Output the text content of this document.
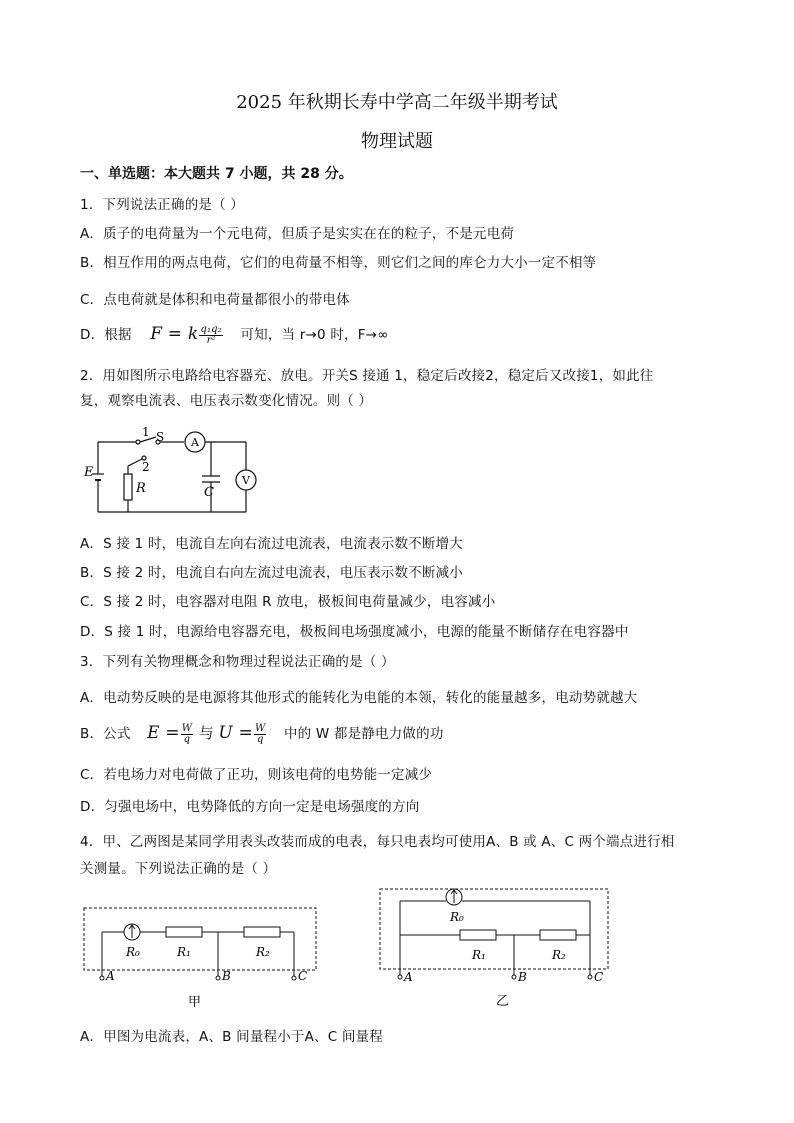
2025 年秋期长寿中学高二年级半期考试
物理试题
一、单选题：本大题共 7 小题，共 28 分。
1．下列说法正确的是（ ）
A．质子的电荷量为一个元电荷，但质子是实实在在的粒子，不是元电荷
B．相互作用的两点电荷，它们的电荷量不相等，则它们之间的库仑力大小一定不相等
C．点电荷就是体积和电荷量都很小的带电体
D．根据 F = k $\frac{\text{q₁q₂}}{\text{r²}}$ 可知，当 r→0 时，F→∞
2．用如图所示电路给电容器充、放电。开关S 接通 1，稳定后改接2，稳定后又改接1，如此往
复，观察电流表、电压表示数变化情况。则（ ）
1
2
S A
V
E
R	C
A．S 接 1 时，电流自左向右流过电流表，电流表示数不断增大
B．S 接 2 时，电流自右向左流过电流表，电压表示数不断减小
C．S 接 2 时，电容器对电阻 R 放电，极板间电荷量减少，电容减小
D．S 接 1 时，电源给电容器充电，极板间电场强度减小，电源的能量不断储存在电容器中
3．下列有关物理概念和物理过程说法正确的是（ ）
A．电动势反映的是电源将其他形式的能转化为电能的本领，转化的能量越多，电动势就越大
B．公式 $E = \frac{W}{q}$ 与 $U = \frac{W}{q}$ 中的 W 都是静电力做的功
C．若电场力对电荷做了正功，则该电荷的电势能一定减少
D．匀强电场中，电势降低的方向一定是电场强度的方向
4．甲、乙两图是某同学用表头改装而成的电表，每只电表均可使用A、B 或 A、C 两个端点进行相
关测量。下列说法正确的是（ ）
R₀	R₁	R₂
A	B	C
甲
R₀
R₁	R₂
A	B	C
乙
A．甲图为电流表，A、B 间量程小于A、C 间量程
